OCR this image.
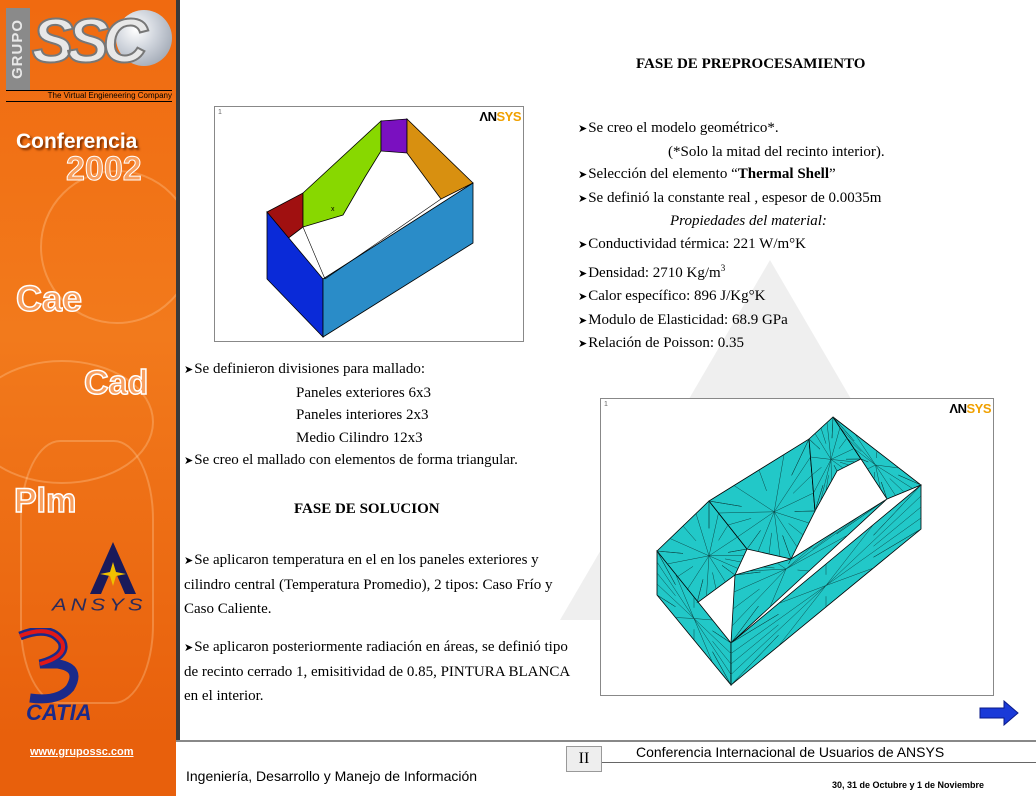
GRUPO SSC
The Virtual Engieneering Company
Conferencia
2002
Cae
Cad
Plm
ANSYS
CATIA
FASE DE PREPROCESAMIENTO
➤Se creo el modelo geométrico*.
(*Solo la mitad del recinto interior).
➤Selección del elemento “Thermal Shell”
➤Se definió la constante real , espesor de 0.0035m
Propiedades del material:
➤Conductividad térmica: 221 W/m°K
➤Densidad: 2710 $Kg/m^3$
➤Calor específico: 896 J/Kg°K
➤Modulo de Elasticidad: 68.9 GPa
➤Relación de Poisson: 0.35
1	ΛNSYS
x
➤Se definieron divisiones para mallado:
Paneles exteriores 6x3
Paneles interiores 2x3
Medio Cilindro 12x3
➤Se creo el mallado con elementos de forma triangular.
FASE DE SOLUCION
➤Se aplicaron temperatura en el en los paneles exteriores y cilindro central (Temperatura Promedio), 2 tipos: Caso Frío y Caso Caliente.
➤Se aplicaron posteriormente radiación en áreas, se definió tipo de recinto cerrado 1, emisitividad de 0.85, PINTURA BLANCA en el interior.
1	ΛNSYS
www.grupossc.com
Ingeniería, Desarrollo y Manejo de Información
II	Conferencia Internacional de Usuarios de ANSYS
30, 31 de Octubre y 1 de Noviembre
